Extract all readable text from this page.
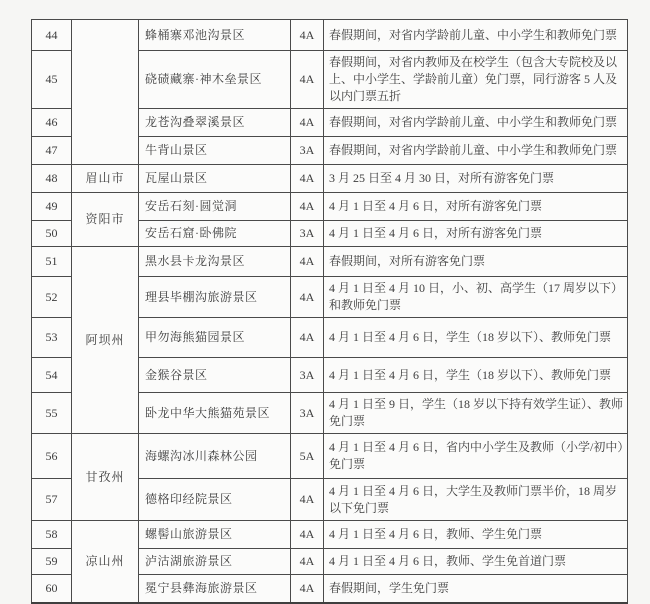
44		蜂桶寨邓池沟景区	4A	春假期间，对省内学龄前儿童、中小学生和教师免门票
45		硗碛藏寨·神木垒景区	4A	春假期间，对省内教师及在校学生（包含大专院校及以上、中小学生、学龄前儿童）免门票，同行游客 5 人及以内门票五折
46		龙苍沟叠翠溪景区	4A	春假期间，对省内学龄前儿童、中小学生和教师免门票
47		牛背山景区	3A	春假期间，对省内学龄前儿童、中小学生和教师免门票
48	眉山市	瓦屋山景区	4A	3 月 25 日至 4 月 30 日，对所有游客免门票
49	资阳市	安岳石刻·圆觉洞	4A	4 月 1 日至 4 月 6 日，对所有游客免门票
50		安岳石窟·卧佛院	3A	4 月 1 日至 4 月 6 日，对所有游客免门票
51	阿坝州	黑水县卡龙沟景区	4A	春假期间，对所有游客免门票
52		理县毕棚沟旅游景区	4A	4 月 1 日至 4 月 10 日，小、初、高学生（17 周岁以下）和教师免门票
53		甲勿海熊猫园景区	4A	4 月 1 日至 4 月 6 日，学生（18 岁以下）、教师免门票
54		金猴谷景区	3A	4 月 1 日至 4 月 6 日，学生（18 岁以下）、教师免门票
55		卧龙中华大熊猫苑景区	3A	4 月 1 日至 9 日，学生（18 岁以下持有效学生证）、教师免门票
56	甘孜州	海螺沟冰川森林公园	5A	4 月 1 日至 4 月 6 日，省内中小学生及教师（小学/初中）免门票
57		德格印经院景区	4A	4 月 1 日至 4 月 6 日，大学生及教师门票半价，18 周岁以下免门票
58	凉山州	螺髻山旅游景区	4A	4 月 1 日至 4 月 6 日，教师、学生免门票
59		泸沽湖旅游景区	4A	4 月 1 日至 4 月 6 日，教师、学生免首道门票
60		冕宁县彝海旅游景区	4A	春假期间，学生免门票
